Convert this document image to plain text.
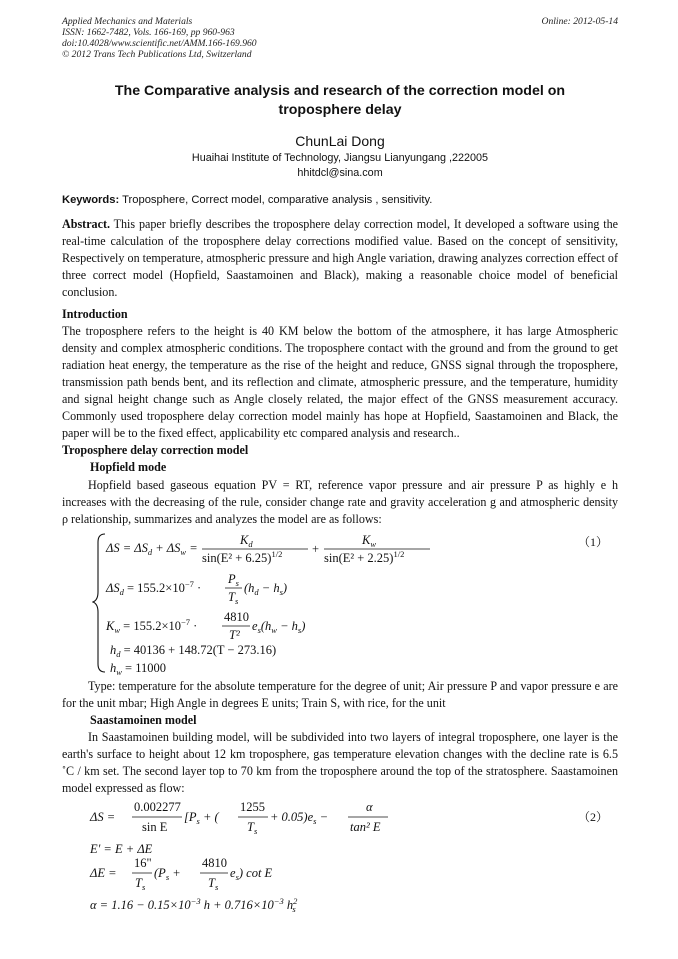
Applied Mechanics and Materials
ISSN: 1662-7482, Vols. 166-169, pp 960-963
doi:10.4028/www.scientific.net/AMM.166-169.960
© 2012 Trans Tech Publications Ltd, Switzerland
Online: 2012-05-14
The Comparative analysis and research of the correction model on
troposphere delay
ChunLai Dong
Huaihai Institute of Technology, Jiangsu Lianyungang ,222005
hhitdcl@sina.com

Keywords: Troposphere, Correct model, comparative analysis , sensitivity.

Abstract. This paper briefly describes the troposphere delay correction model, It developed a software using the real-time calculation of the troposphere delay corrections modified value. Based on the concept of sensitivity, Respectively on temperature, atmospheric pressure and high Angle variation, drawing analyzes correction effect of three correct model (Hopfield, Saastamoinen and Black), making a reasonable choice model of beneficial conclusion.

Introduction

The troposphere refers to the height is 40 KM below the bottom of the atmosphere, it has large Atmospheric density and complex atmospheric conditions. The troposphere contact with the ground and from the ground to get radiation heat energy, the temperature as the rise of the height and reduce, GNSS signal through the troposphere, transmission path bends bent, and its reflection and climate, atmospheric pressure, and the temperature, humidity and signal height change such as Angle closely related, the major effect of the GNSS measurement accuracy. Commonly used troposphere delay correction model mainly has hope at Hopfield, Saastamoinen and Black, the paper will be to the fixed effect, applicability etc compared analysis and research..

Troposphere delay correction model

Hopfield mode

Hopfield based gaseous equation PV = RT, reference vapor pressure and air pressure P as highly e h increases with the decreasing of the rule, consider change rate and gravity acceleration g and atmospheric density ρ relationship, summarizes and analyzes the model are as follows:

$\Delta S = \Delta S_d + \Delta S_w$ =
$K_d$
$\sin(E^2 + 6.25)^{1/2}$ +
$K_w$
$\sin(E^2 + 2.25)^{1/2}$
$\Delta S_d = 155.2\times 10^{-7}$ ·
$P_s$
$T_s$
$(h_d - h_s)$
$K_w = 155.2\times 10^{-7}$ ·
4810
T²
$e_s(h_w - h_s)$
$h_d = 40136 + 148.72(T - 273.16)$
$h_w = 11000$
（1）

Type: temperature for the absolute temperature for the degree of unit; Air pressure P and vapor pressure e are for the unit mbar; High Angle in degrees E units; Train S, with rice, for the unit

Saastamoinen model

In Saastamoinen building model, will be subdivided into two layers of integral troposphere, one layer is the earth's surface to height about 12 km troposphere, gas temperature elevation changes with the decline rate is 6.5 ˚C / km set. The second layer top to 70 km from the troposphere around the top of the stratosphere. Saastamoinen model expressed as flow:

ΔS =
0.002277
sin E
[$P_s$ + (
1255
$T_s$
+ $0.05)e_s$ −
α
tan² E
E' = E + ΔE
ΔE =
16"
$T_s$
($P_s$ +
4810
$T_s$
$e_s$) cot E
$\alpha = 1.16 - 0.15\times 10^{-3}$ $h + 0.716\times 10^{-3}$ $h^2$ s
（2）
